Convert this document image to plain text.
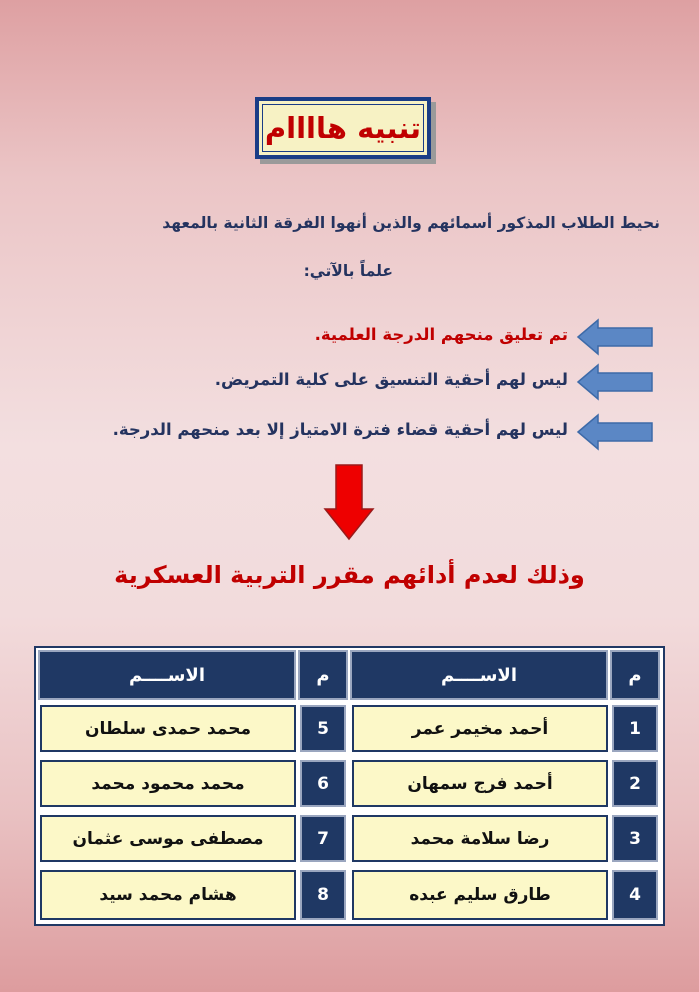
تنبيه هاااام
نحيط الطلاب المذكور أسمائهم والذين أنهوا الفرقة الثانية بالمعهد
علماً بالآتي:
تم تعليق منحهم الدرجة العلمية.
ليس لهم أحقية التنسيق على كلية التمريض.
ليس لهم أحقية قضاء فترة الامتياز إلا بعد منحهم الدرجة.
وذلك لعدم أدائهم مقرر التربية العسكرية
م
الاســــم
م
الاســــم
1
أحمد مخيمر عمر
5
محمد حمدى سلطان
2
أحمد فرج سمهان
6
محمد محمود محمد
3
رضا سلامة محمد
7
مصطفى موسى عثمان
4
طارق سليم عبده
8
هشام محمد سيد
